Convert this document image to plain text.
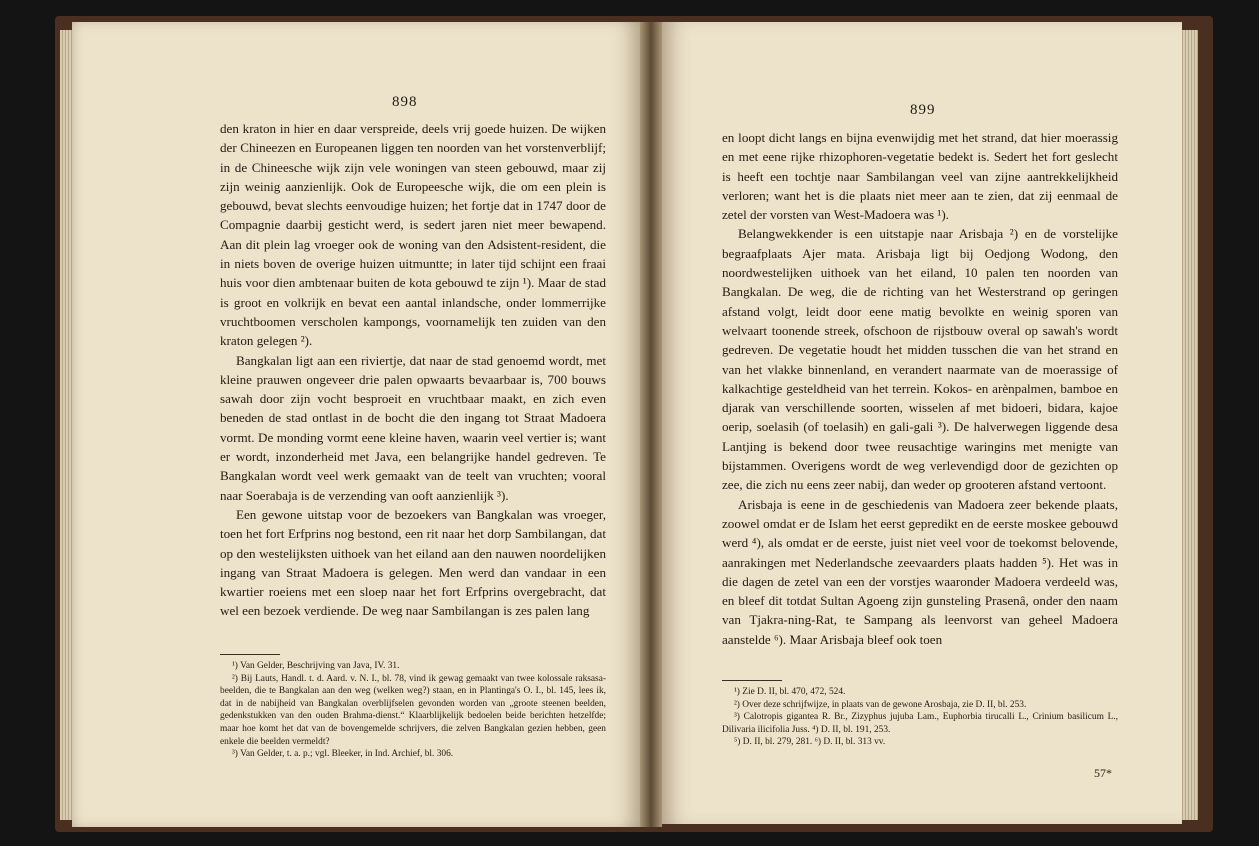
898

den kraton in hier en daar verspreide, deels vrij goede huizen. De wijken der Chineezen en Europeanen liggen ten noorden van het vorstenverblijf; in de Chineesche wijk zijn vele woningen van steen gebouwd, maar zij zijn weinig aanzienlijk. Ook de Europeesche wijk, die om een plein is gebouwd, bevat slechts eenvoudige huizen; het fortje dat in 1747 door de Compagnie daarbij gesticht werd, is sedert jaren niet meer bewapend. Aan dit plein lag vroeger ook de woning van den Adsistent-resident, die in niets boven de overige huizen uitmuntte; in later tijd schijnt een fraai huis voor dien ambtenaar buiten de kota gebouwd te zijn ¹). Maar de stad is groot en volkrijk en bevat een aantal inlandsche, onder lommerrijke vruchtboomen verscholen kampongs, voornamelijk ten zuiden van den kraton gelegen ²).

Bangkalan ligt aan een riviertje, dat naar de stad genoemd wordt, met kleine prauwen ongeveer drie palen opwaarts bevaarbaar is, 700 bouws sawah door zijn vocht besproeit en vruchtbaar maakt, en zich even beneden de stad ontlast in de bocht die den ingang tot Straat Madoera vormt. De monding vormt eene kleine haven, waarin veel vertier is; want er wordt, inzonderheid met Java, een belangrijke handel gedreven. Te Bangkalan wordt veel werk gemaakt van de teelt van vruchten; vooral naar Soerabaja is de verzending van ooft aanzienlijk ³).

Een gewone uitstap voor de bezoekers van Bangkalan was vroeger, toen het fort Erfprins nog bestond, een rit naar het dorp Sambilangan, dat op den westelijksten uithoek van het eiland aan den nauwen noordelijken ingang van Straat Madoera is gelegen. Men werd dan vandaar in een kwartier roeiens met een sloep naar het fort Erfprins overgebracht, dat wel een bezoek verdiende. De weg naar Sambilangan is zes palen lang

¹) Van Gelder, Beschrijving van Java, IV. 31.

²) Bij Lauts, Handl. t. d. Aard. v. N. I., bl. 78, vind ik gewag gemaakt van twee kolossale raksasa-beelden, die te Bangkalan aan den weg (welken weg?) staan, en in Plantinga's O. I., bl. 145, lees ik, dat in de nabijheid van Bangkalan overblijfselen gevonden worden van „groote steenen beelden, gedenkstukken van den ouden Brahma-dienst.“ Klaarblijkelijk bedoelen beide berichten hetzelfde; maar hoe komt het dat van de bovengemelde schrijvers, die zelven Bangkalan gezien hebben, geen enkele die beelden vermeldt?

³) Van Gelder, t. a. p.; vgl. Bleeker, in Ind. Archief, bl. 306.

899

en loopt dicht langs en bijna evenwijdig met het strand, dat hier moerassig en met eene rijke rhizophoren-vegetatie bedekt is. Sedert het fort geslecht is heeft een tochtje naar Sambilangan veel van zijne aantrekkelijkheid verloren; want het is die plaats niet meer aan te zien, dat zij eenmaal de zetel der vorsten van West-Madoera was ¹).

Belangwekkender is een uitstapje naar Arisbaja ²) en de vorstelijke begraafplaats Ajer mata. Arisbaja ligt bij Oedjong Wodong, den noordwestelijken uithoek van het eiland, 10 palen ten noorden van Bangkalan. De weg, die de richting van het Westerstrand op geringen afstand volgt, leidt door eene matig bevolkte en weinig sporen van welvaart toonende streek, ofschoon de rijstbouw overal op sawah's wordt gedreven. De vegetatie houdt het midden tusschen die van het strand en van het vlakke binnenland, en verandert naarmate van de moerassige of kalkachtige gesteldheid van het terrein. Kokos- en arènpalmen, bamboe en djarak van verschillende soorten, wisselen af met bidoeri, bidara, kajoe oerip, soelasih (of toelasih) en gali-gali ³). De halverwegen liggende desa Lantjing is bekend door twee reusachtige waringins met menigte van bijstammen. Overigens wordt de weg verlevendigd door de gezichten op zee, die zich nu eens zeer nabij, dan weder op grooteren afstand vertoont.

Arisbaja is eene in de geschiedenis van Madoera zeer bekende plaats, zoowel omdat er de Islam het eerst gepredikt en de eerste moskee gebouwd werd ⁴), als omdat er de eerste, juist niet veel voor de toekomst belovende, aanrakingen met Nederlandsche zeevaarders plaats hadden ⁵). Het was in die dagen de zetel van een der vorstjes waaronder Madoera verdeeld was, en bleef dit totdat Sultan Agoeng zijn gunsteling Prasenâ, onder den naam van Tjakra-ning-Rat, te Sampang als leenvorst van geheel Madoera aanstelde ⁶). Maar Arisbaja bleef ook toen

¹) Zie D. II, bl. 470, 472, 524.

²) Over deze schrijfwijze, in plaats van de gewone Arosbaja, zie D. II, bl. 253.

³) Calotropis gigantea R. Br., Zizyphus jujuba Lam., Euphorbia tirucalli L., Crinium basilicum L., Dilivaria ilicifolia Juss. ⁴) D. II, bl. 191, 253.

⁵) D. II, bl. 279, 281. ⁶) D. II, bl. 313 vv.

57*
